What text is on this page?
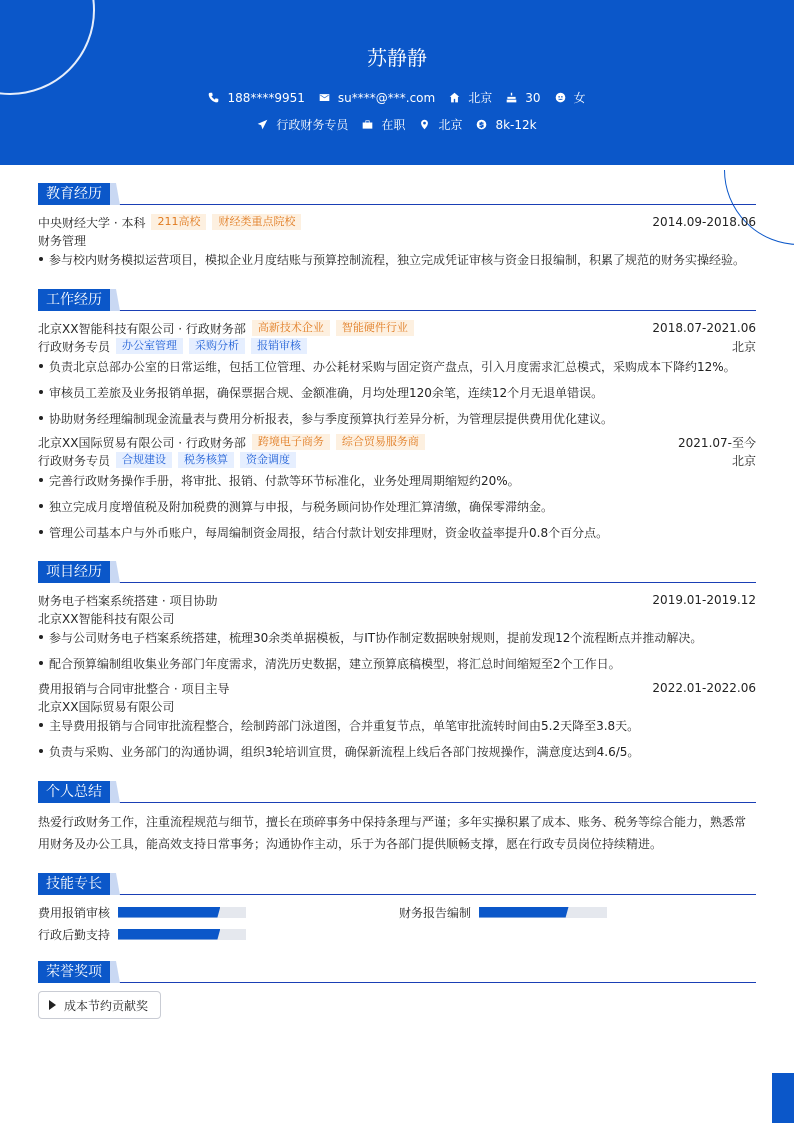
苏静静
188****9951	su****@***.com	北京	30	女
行政财务专员	在职	北京	8k-12k
教育经历
中央财经大学 · 本科	211高校	财经类重点院校	2014.09-2018.06
财务管理
参与校内财务模拟运营项目，模拟企业月度结账与预算控制流程，独立完成凭证审核与资金日报编制，积累了规范的财务实操经验。
工作经历
北京XX智能科技有限公司 · 行政财务部	高新技术企业	智能硬件行业	2018.07-2021.06
行政财务专员	办公室管理	采购分析	报销审核	北京
负责北京总部办公室的日常运维，包括工位管理、办公耗材采购与固定资产盘点，引入月度需求汇总模式，采购成本下降约12%。
审核员工差旅及业务报销单据，确保票据合规、金额准确，月均处理120余笔，连续12个月无退单错误。
协助财务经理编制现金流量表与费用分析报表，参与季度预算执行差异分析，为管理层提供费用优化建议。
北京XX国际贸易有限公司 · 行政财务部	跨境电子商务	综合贸易服务商	2021.07-至今
行政财务专员	合规建设	税务核算	资金调度	北京
完善行政财务操作手册，将审批、报销、付款等环节标准化，业务处理周期缩短约20%。
独立完成月度增值税及附加税费的测算与申报，与税务顾问协作处理汇算清缴，确保零滞纳金。
管理公司基本户与外币账户，每周编制资金周报，结合付款计划安排理财，资金收益率提升0.8个百分点。
项目经历
财务电子档案系统搭建 · 项目协助	2019.01-2019.12
北京XX智能科技有限公司
参与公司财务电子档案系统搭建，梳理30余类单据模板，与IT协作制定数据映射规则，提前发现12个流程断点并推动解决。
配合预算编制组收集业务部门年度需求，清洗历史数据，建立预算底稿模型，将汇总时间缩短至2个工作日。
费用报销与合同审批整合 · 项目主导	2022.01-2022.06
北京XX国际贸易有限公司
主导费用报销与合同审批流程整合，绘制跨部门泳道图，合并重复节点，单笔审批流转时间由5.2天降至3.8天。
负责与采购、业务部门的沟通协调，组织3轮培训宣贯，确保新流程上线后各部门按规操作，满意度达到4.6/5。
个人总结
热爱行政财务工作，注重流程规范与细节，擅长在琐碎事务中保持条理与严谨；多年实操积累了成本、账务、税务等综合能力，熟悉常
用财务及办公工具，能高效支持日常事务；沟通协作主动，乐于为各部门提供顺畅支撑，愿在行政专员岗位持续精进。
技能专长
费用报销审核	财务报告编制
行政后勤支持
荣誉奖项
成本节约贡献奖
